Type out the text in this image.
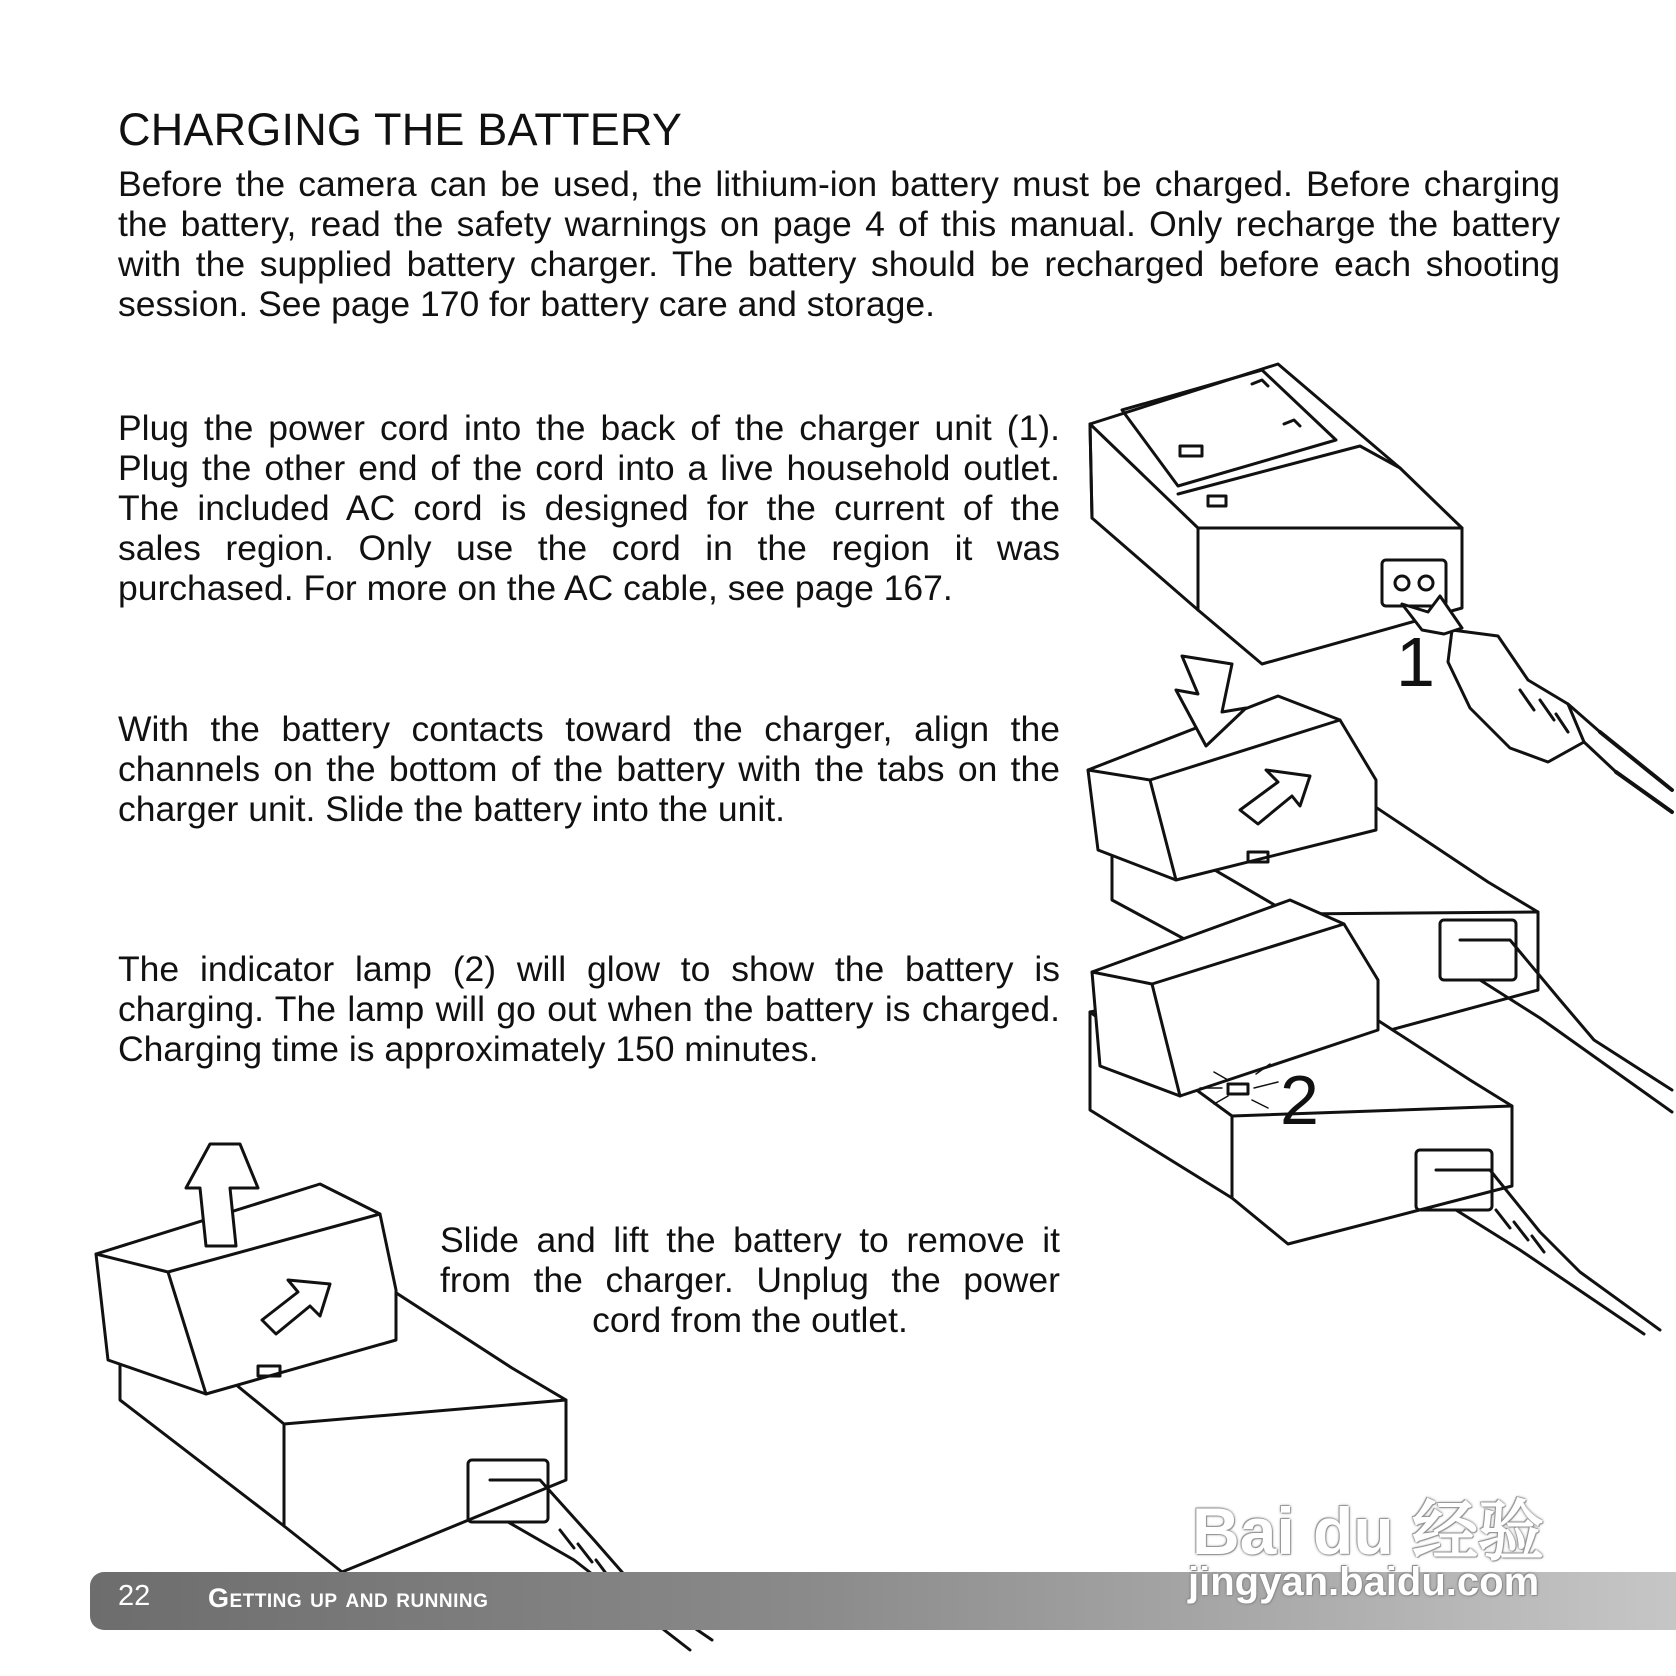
CHARGING THE BATTERY
Before the camera can be used, the lithium-ion battery must be charged. Before charging the battery, read the safety warnings on page 4 of this manual. Only recharge the battery with the supplied battery charger. The battery should be recharged before each shooting session. See page 170 for battery care and storage.
Plug the power cord into the back of the charger unit (1). Plug the other end of the cord into a live household outlet. The included AC cord is designed for the current of the sales region. Only use the cord in the region it was purchased. For more on the AC cable, see page 167.
With the battery contacts toward the charger, align the channels on the bottom of the battery with the tabs on the charger unit. Slide the battery into the unit.
The indicator lamp (2) will glow to show the battery is charging. The lamp will go out when the battery is charged. Charging time is approximately 150 minutes.
Slide and lift the battery to remove it from the charger. Unplug the power cord from the outlet.
1
2
22 Getting up and running
Bai du 经验
jingyan.baidu.com
